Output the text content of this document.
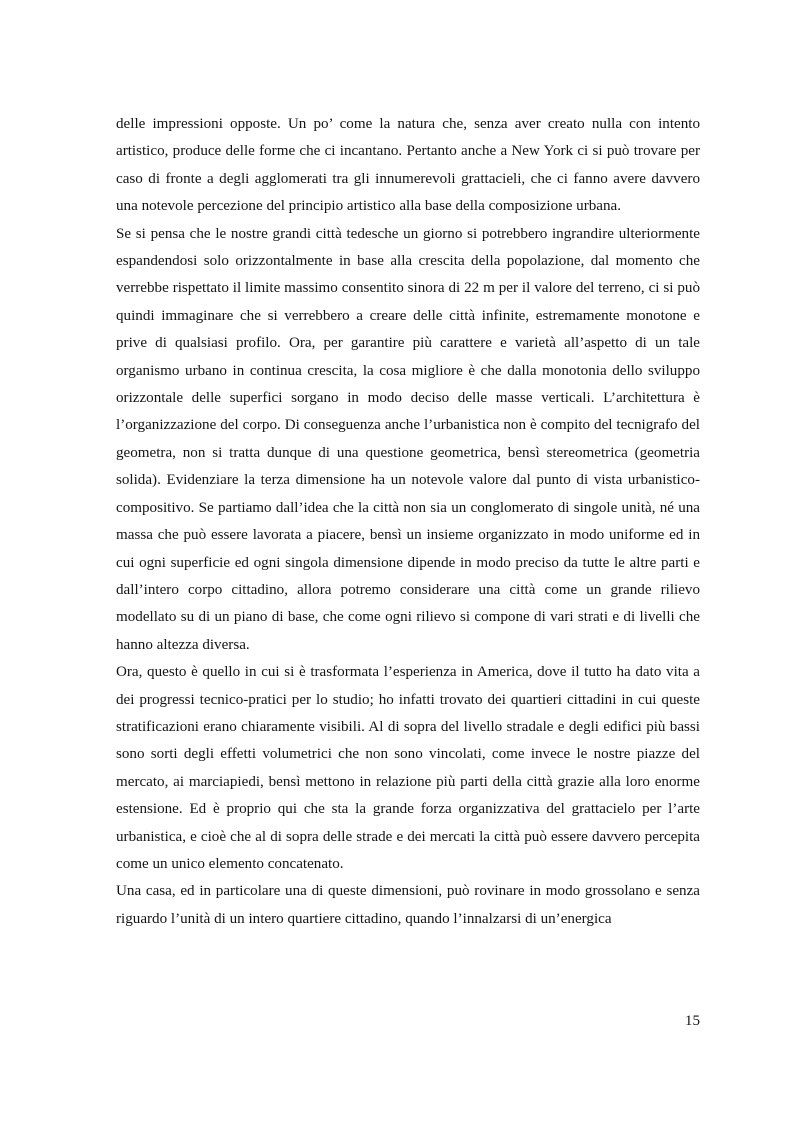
delle impressioni opposte. Un po’ come la natura che, senza aver creato nulla con intento artistico, produce delle forme che ci incantano. Pertanto anche a New York ci si può trovare per caso di fronte a degli agglomerati tra gli innumerevoli grattacieli, che ci fanno avere davvero una notevole percezione del principio artistico alla base della composizione urbana.

Se si pensa che le nostre grandi città tedesche un giorno si potrebbero ingrandire ulteriormente espandendosi solo orizzontalmente in base alla crescita della popolazione, dal momento che verrebbe rispettato il limite massimo consentito sinora di 22 m per il valore del terreno, ci si può quindi immaginare che si verrebbero a creare delle città infinite, estremamente monotone e prive di qualsiasi profilo. Ora, per garantire più carattere e varietà all’aspetto di un tale organismo urbano in continua crescita, la cosa migliore è che dalla monotonia dello sviluppo orizzontale delle superfici sorgano in modo deciso delle masse verticali. L’architettura è l’organizzazione del corpo. Di conseguenza anche l’urbanistica non è compito del tecnigrafo del geometra, non si tratta dunque di una questione geometrica, bensì stereometrica (geometria solida). Evidenziare la terza dimensione ha un notevole valore dal punto di vista urbanistico-compositivo. Se partiamo dall’idea che la città non sia un conglomerato di singole unità, né una massa che può essere lavorata a piacere, bensì un insieme organizzato in modo uniforme ed in cui ogni superficie ed ogni singola dimensione dipende in modo preciso da tutte le altre parti e dall’intero corpo cittadino, allora potremo considerare una città come un grande rilievo modellato su di un piano di base, che come ogni rilievo si compone di vari strati e di livelli che hanno altezza diversa.

Ora, questo è quello in cui si è trasformata l’esperienza in America, dove il tutto ha dato vita a dei progressi tecnico-pratici per lo studio; ho infatti trovato dei quartieri cittadini in cui queste stratificazioni erano chiaramente visibili. Al di sopra del livello stradale e degli edifici più bassi sono sorti degli effetti volumetrici che non sono vincolati, come invece le nostre piazze del mercato, ai marciapiedi, bensì mettono in relazione più parti della città grazie alla loro enorme estensione. Ed è proprio qui che sta la grande forza organizzativa del grattacielo per l’arte urbanistica, e cioè che al di sopra delle strade e dei mercati la città può essere davvero percepita come un unico elemento concatenato.

Una casa, ed in particolare una di queste dimensioni, può rovinare in modo grossolano e senza riguardo l’unità di un intero quartiere cittadino, quando l’innalzarsi di un’energica

15
